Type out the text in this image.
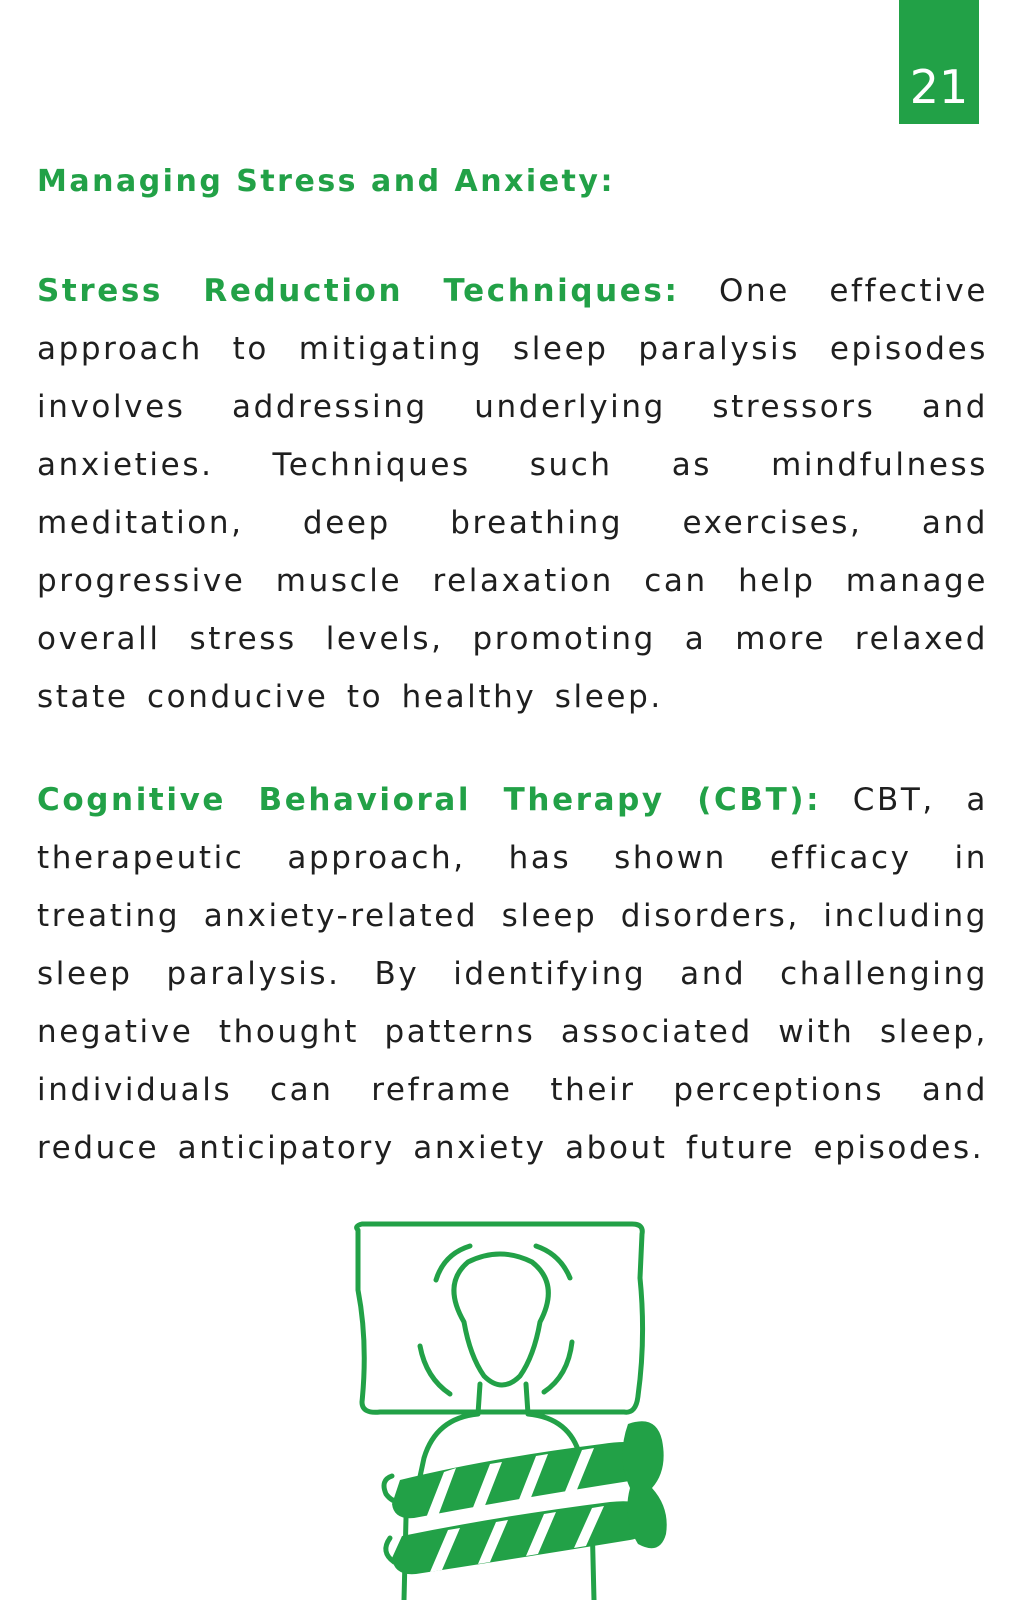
21
Managing Stress and Anxiety:

Stress Reduction Techniques: One effective approach to mitigating sleep paralysis episodes involves addressing underlying stressors and anxieties. Techniques such as mindfulness meditation, deep breathing exercises, and progressive muscle relaxation can help manage overall stress levels, promoting a more relaxed state conducive to healthy sleep.

Cognitive Behavioral Therapy (CBT): CBT, a therapeutic approach, has shown efficacy in treating anxiety-related sleep disorders, including sleep paralysis. By identifying and challenging negative thought patterns associated with sleep, individuals can reframe their perceptions and reduce anticipatory anxiety about future episodes.
